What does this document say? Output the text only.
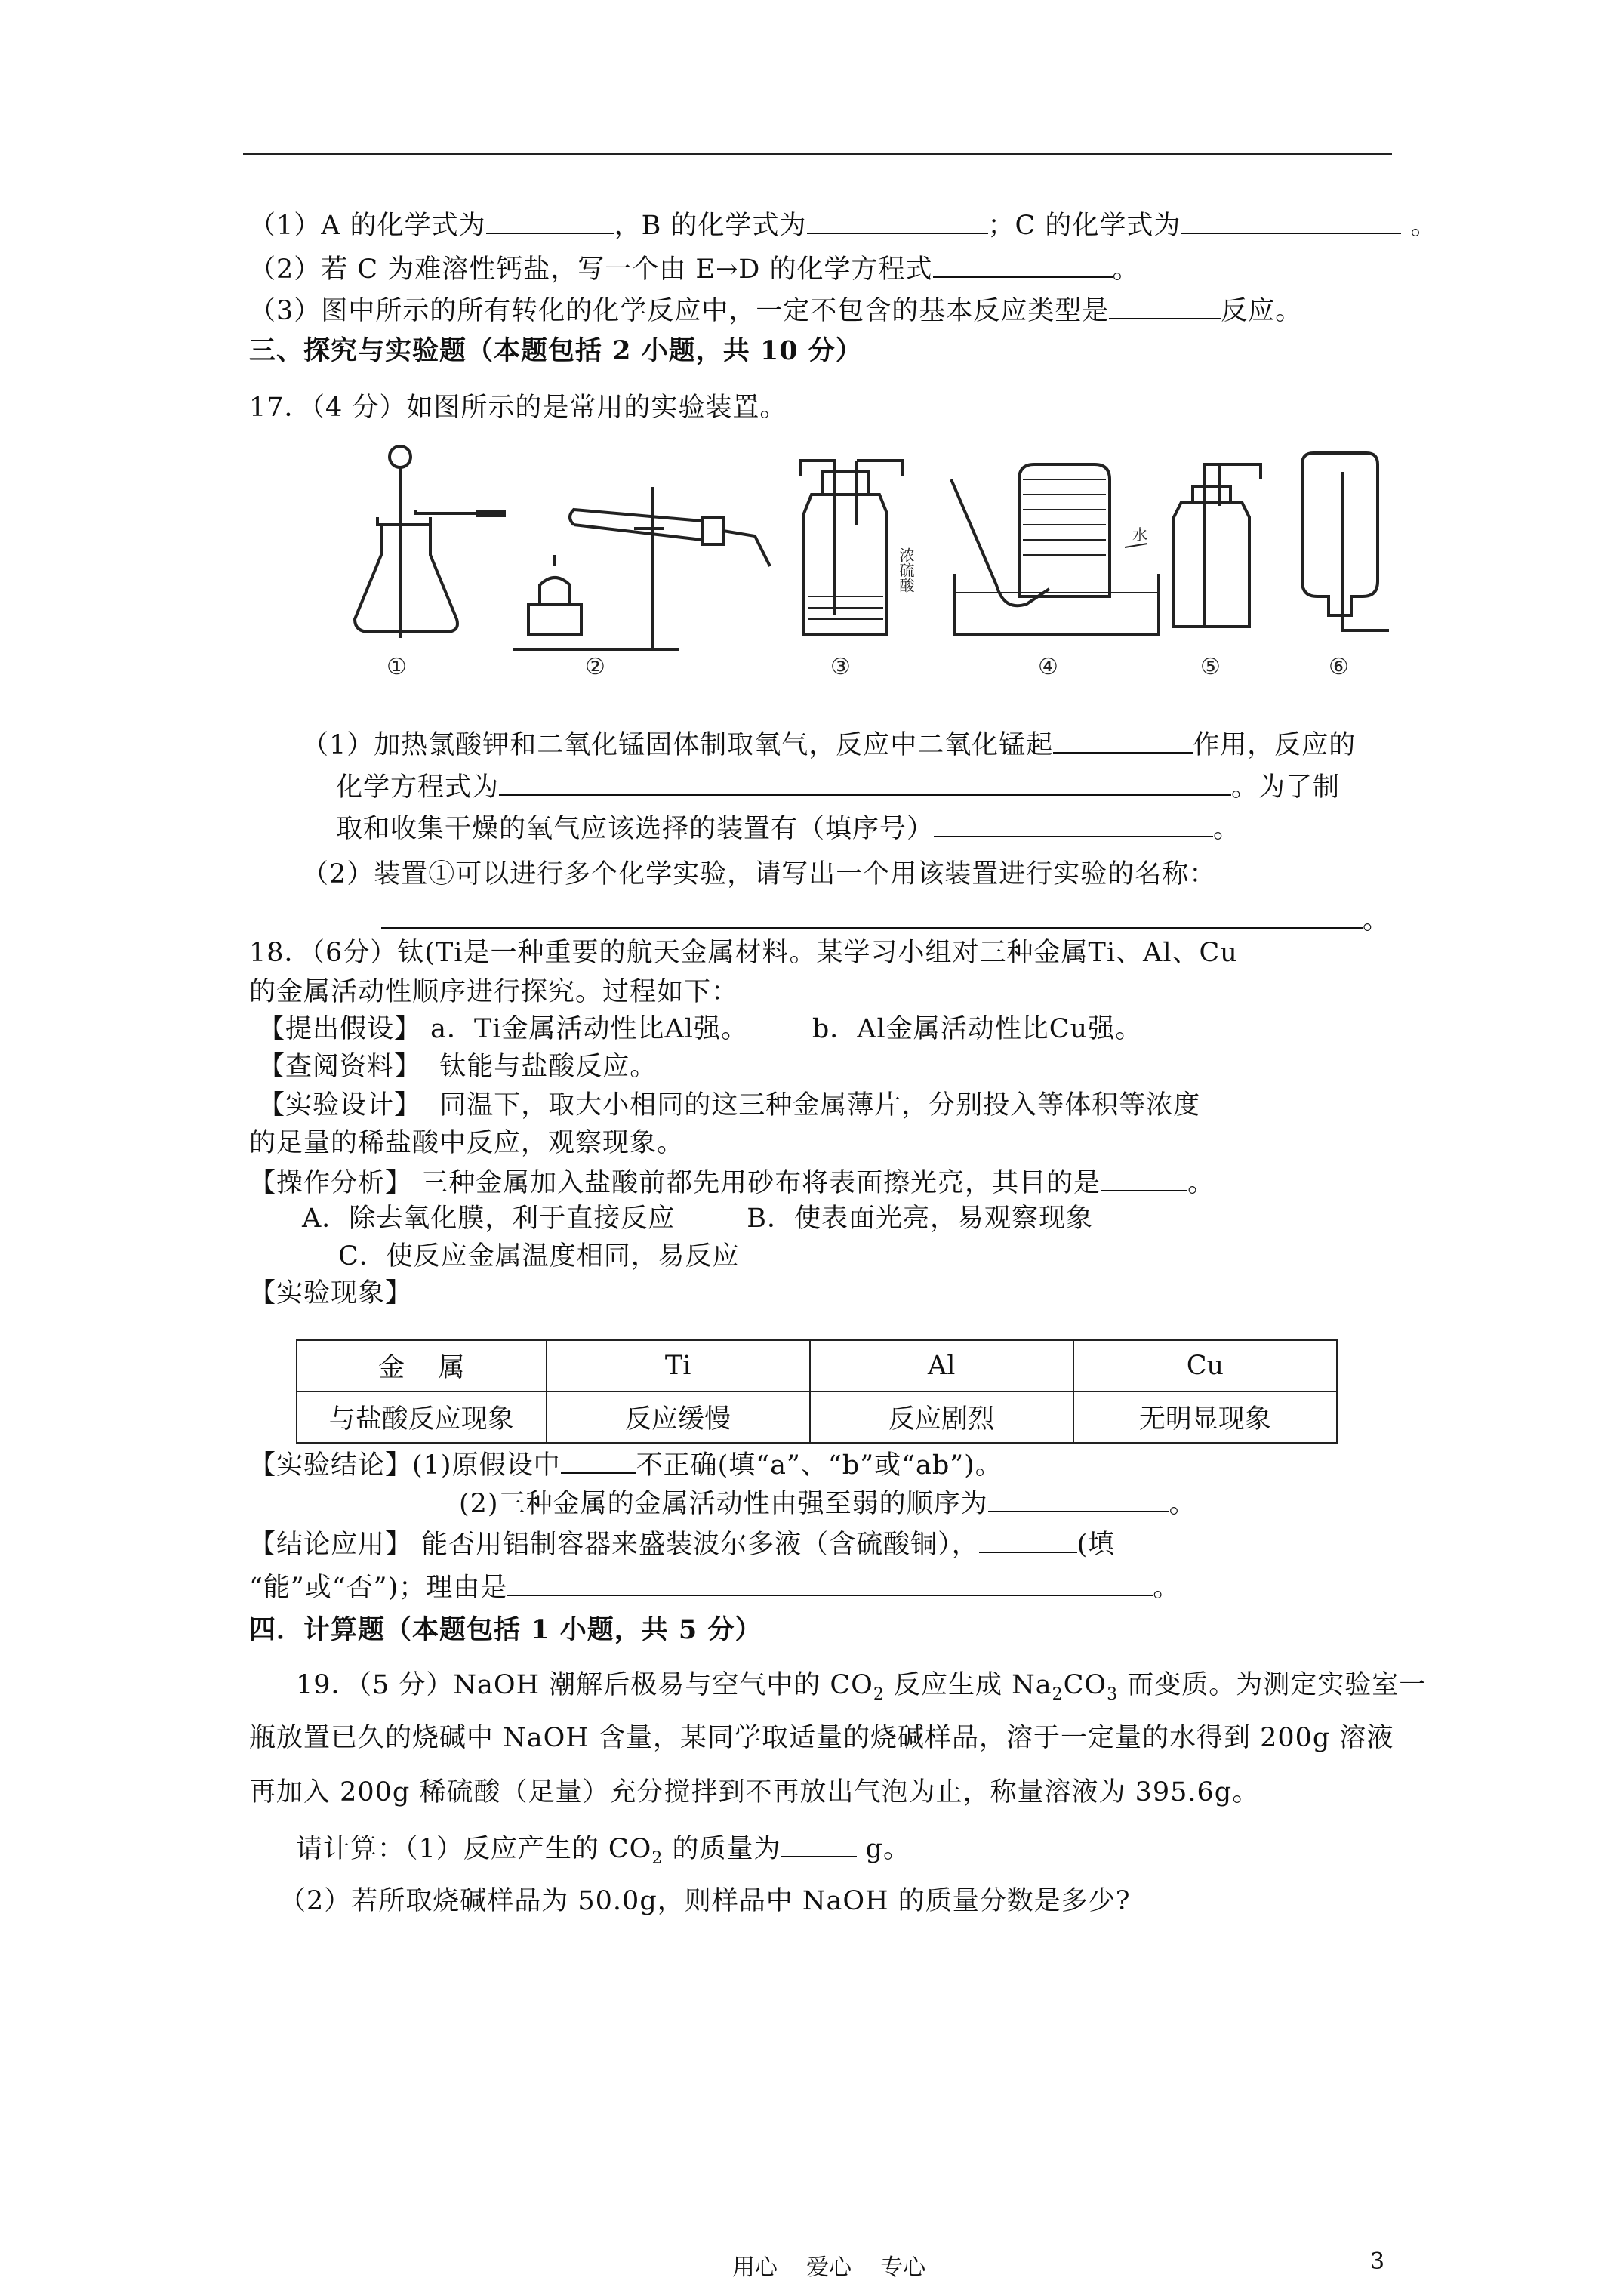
（1）A 的化学式为	，B 的化学式为	；C 的化学式为	。
（2）若 C 为难溶性钙盐，写一个由 E→D 的化学方程式	。
（3）图中所示的所有转化的化学反应中，一定不包含的基本反应类型是	反应。
三、探究与实验题（本题包括 2 小题，共 10 分）
17．（4 分）如图所示的是常用的实验装置。
①	②	③	④	⑤	⑥
浓硫酸
水
（1）加热氯酸钾和二氧化锰固体制取氧气，反应中二氧化锰起	作用，反应的
化学方程式为	。为了制
取和收集干燥的氧气应该选择的装置有（填序号）	。
（2）装置①可以进行多个化学实验，请写出一个用该装置进行实验的名称：
。
18．（6分）钛(Ti是一种重要的航天金属材料。某学习小组对三种金属Ti、Al、Cu
的金属活动性顺序进行探究。过程如下：
【提出假设】 a．Ti金属活动性比Al强。       b．Al金属活动性比Cu强。
【查阅资料】  钛能与盐酸反应。
【实验设计】  同温下，取大小相同的这三种金属薄片，分别投入等体积等浓度
的足量的稀盐酸中反应，观察现象。
【操作分析】 三种金属加入盐酸前都先用砂布将表面擦光亮，其目的是	。
A．除去氧化膜，利于直接反应	B．使表面光亮，易观察现象
C．使反应金属温度相同，易反应
【实验现象】
金    属	Ti	Al	Cu
与盐酸反应现象	反应缓慢	反应剧烈	无明显现象
【实验结论】(1)原假设中	不正确(填“a”、“b”或“ab”)。
(2)三种金属的金属活动性由强至弱的顺序为	。
【结论应用】 能否用铝制容器来盛装波尔多液（含硫酸铜），	(填
“能”或“否”)；理由是	。
四．计算题（本题包括 1 小题，共 5 分）
19．（5 分）NaOH 潮解后极易与空气中的 $CO_2$ 反应生成 $Na_2CO_3$ 而变质。为测定实验室一
瓶放置已久的烧碱中 NaOH 含量，某同学取适量的烧碱样品，溶于一定量的水得到 200g 溶液
再加入 200g 稀硫酸（足量）充分搅拌到不再放出气泡为止，称量溶液为 395.6g。
请计算：（1）反应产生的 $CO_2$ 的质量为	g。
（2）若所取烧碱样品为 50.0g，则样品中 NaOH 的质量分数是多少?
用心    爱心    专心	3
